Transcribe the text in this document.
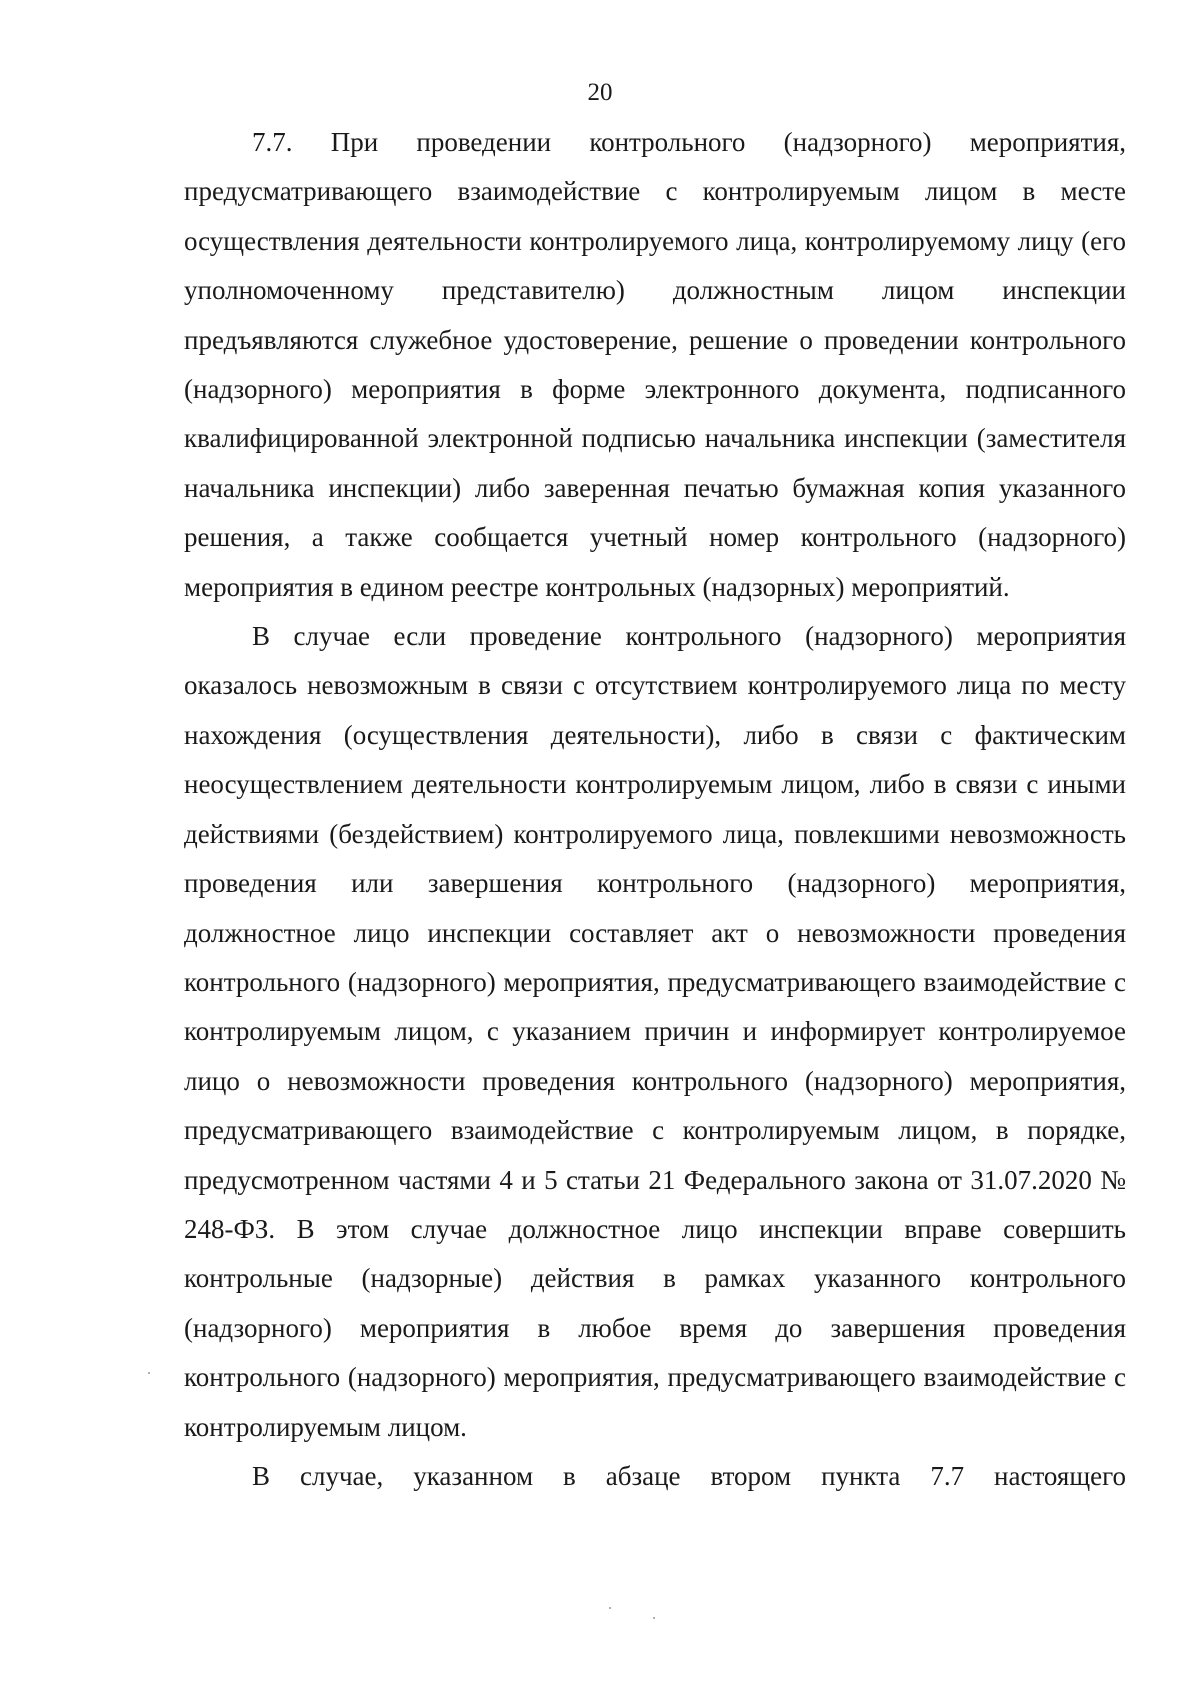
20

7.7. При проведении контрольного (надзорного) мероприятия, предусматривающего взаимодействие с контролируемым лицом в месте осуществления деятельности контролируемого лица, контролируемому лицу (его уполномоченному представителю) должностным лицом инспекции предъявляются служебное удостоверение, решение о проведении контрольного (надзорного) мероприятия в форме электронного документа, подписанного квалифицированной электронной подписью начальника инспекции (заместителя начальника инспекции) либо заверенная печатью бумажная копия указанного решения, а также сообщается учетный номер контрольного (надзорного) мероприятия в едином реестре контрольных (надзорных) мероприятий.

В случае если проведение контрольного (надзорного) мероприятия оказалось невозможным в связи с отсутствием контролируемого лица по месту нахождения (осуществления деятельности), либо в связи с фактическим неосуществлением деятельности контролируемым лицом, либо в связи с иными действиями (бездействием) контролируемого лица, повлекшими невозможность проведения или завершения контрольного (надзорного) мероприятия, должностное лицо инспекции составляет акт о невозможности проведения контрольного (надзорного) мероприятия, предусматривающего взаимодействие с контролируемым лицом, с указанием причин и информирует контролируемое лицо о невозможности проведения контрольного (надзорного) мероприятия, предусматривающего взаимодействие с контролируемым лицом, в порядке, предусмотренном частями 4 и 5 статьи 21 Федерального закона от 31.07.2020 № 248-ФЗ. В этом случае должностное лицо инспекции вправе совершить контрольные (надзорные) действия в рамках указанного контрольного (надзорного) мероприятия в любое время до завершения проведения контрольного (надзорного) мероприятия, предусматривающего взаимодействие с контролируемым лицом.

В случае, указанном в абзаце втором пункта 7.7 настоящего
